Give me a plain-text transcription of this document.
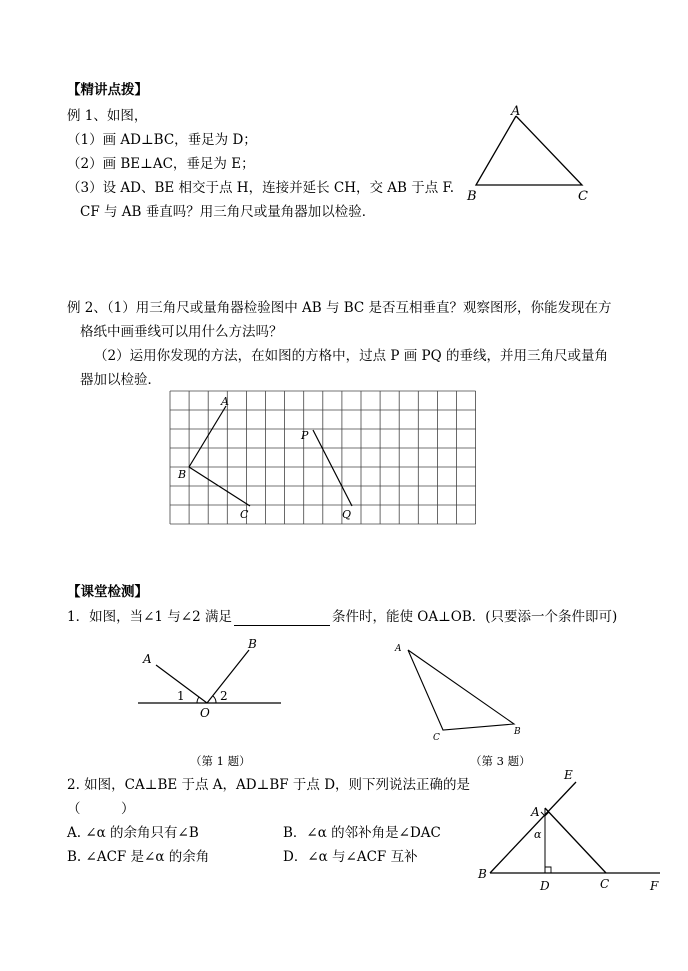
【精讲点拨】
例 1、如图，
（1）画 AD⊥BC，垂足为 D；
（2）画 BE⊥AC，垂足为 E；
（3）设 AD、BE 相交于点 H，连接并延长 CH，交 AB 于点 F.
CF 与 AB 垂直吗？用三角尺或量角器加以检验．
A
B	C
例 2、（1）用三角尺或量角器检验图中 AB 与 BC 是否互相垂直？观察图形，你能发现在方
格纸中画垂线可以用什么方法吗？
（2）运用你发现的方法，在如图的方格中，过点 P 画 PQ 的垂线，并用三角尺或量角
器加以检验．
A
B
C
P
Q
【课堂检测】
1．如图，当∠1 与∠2 满足	条件时，能使 OA⊥OB．(只要添一个条件即可)
A
B
1	2
O
（第 1 题）
A
B
C
（第 3 题）
2. 如图，CA⊥BE 于点 A，AD⊥BF 于点 D，则下列说法正确的是
（　　　）
A. ∠α 的余角只有∠B	B．∠α 的邻补角是∠DAC
B. ∠ACF 是∠α 的余角	D．∠α 与∠ACF 互补
E
A
α
B
D	C	F
